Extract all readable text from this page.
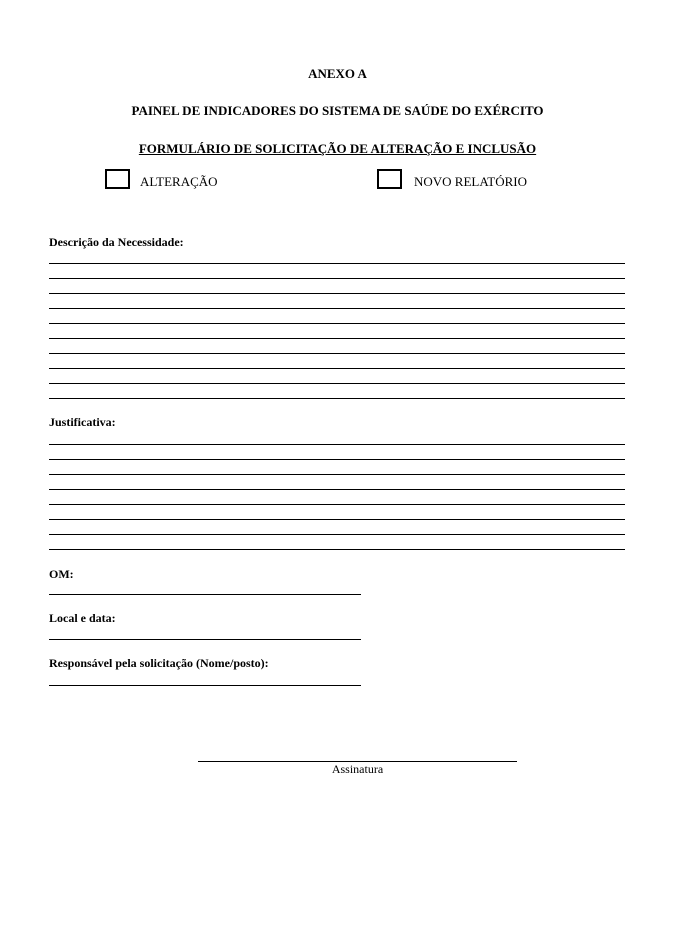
ANEXO A
PAINEL DE INDICADORES DO SISTEMA DE SAÚDE DO EXÉRCITO
FORMULÁRIO DE SOLICITAÇÃO DE ALTERAÇÃO E INCLUSÃO
ALTERAÇÃO	NOVO RELATÓRIO
Descrição da Necessidade:
Justificativa:
OM:
Local e data:
Responsável pela solicitação (Nome/posto):
Assinatura
